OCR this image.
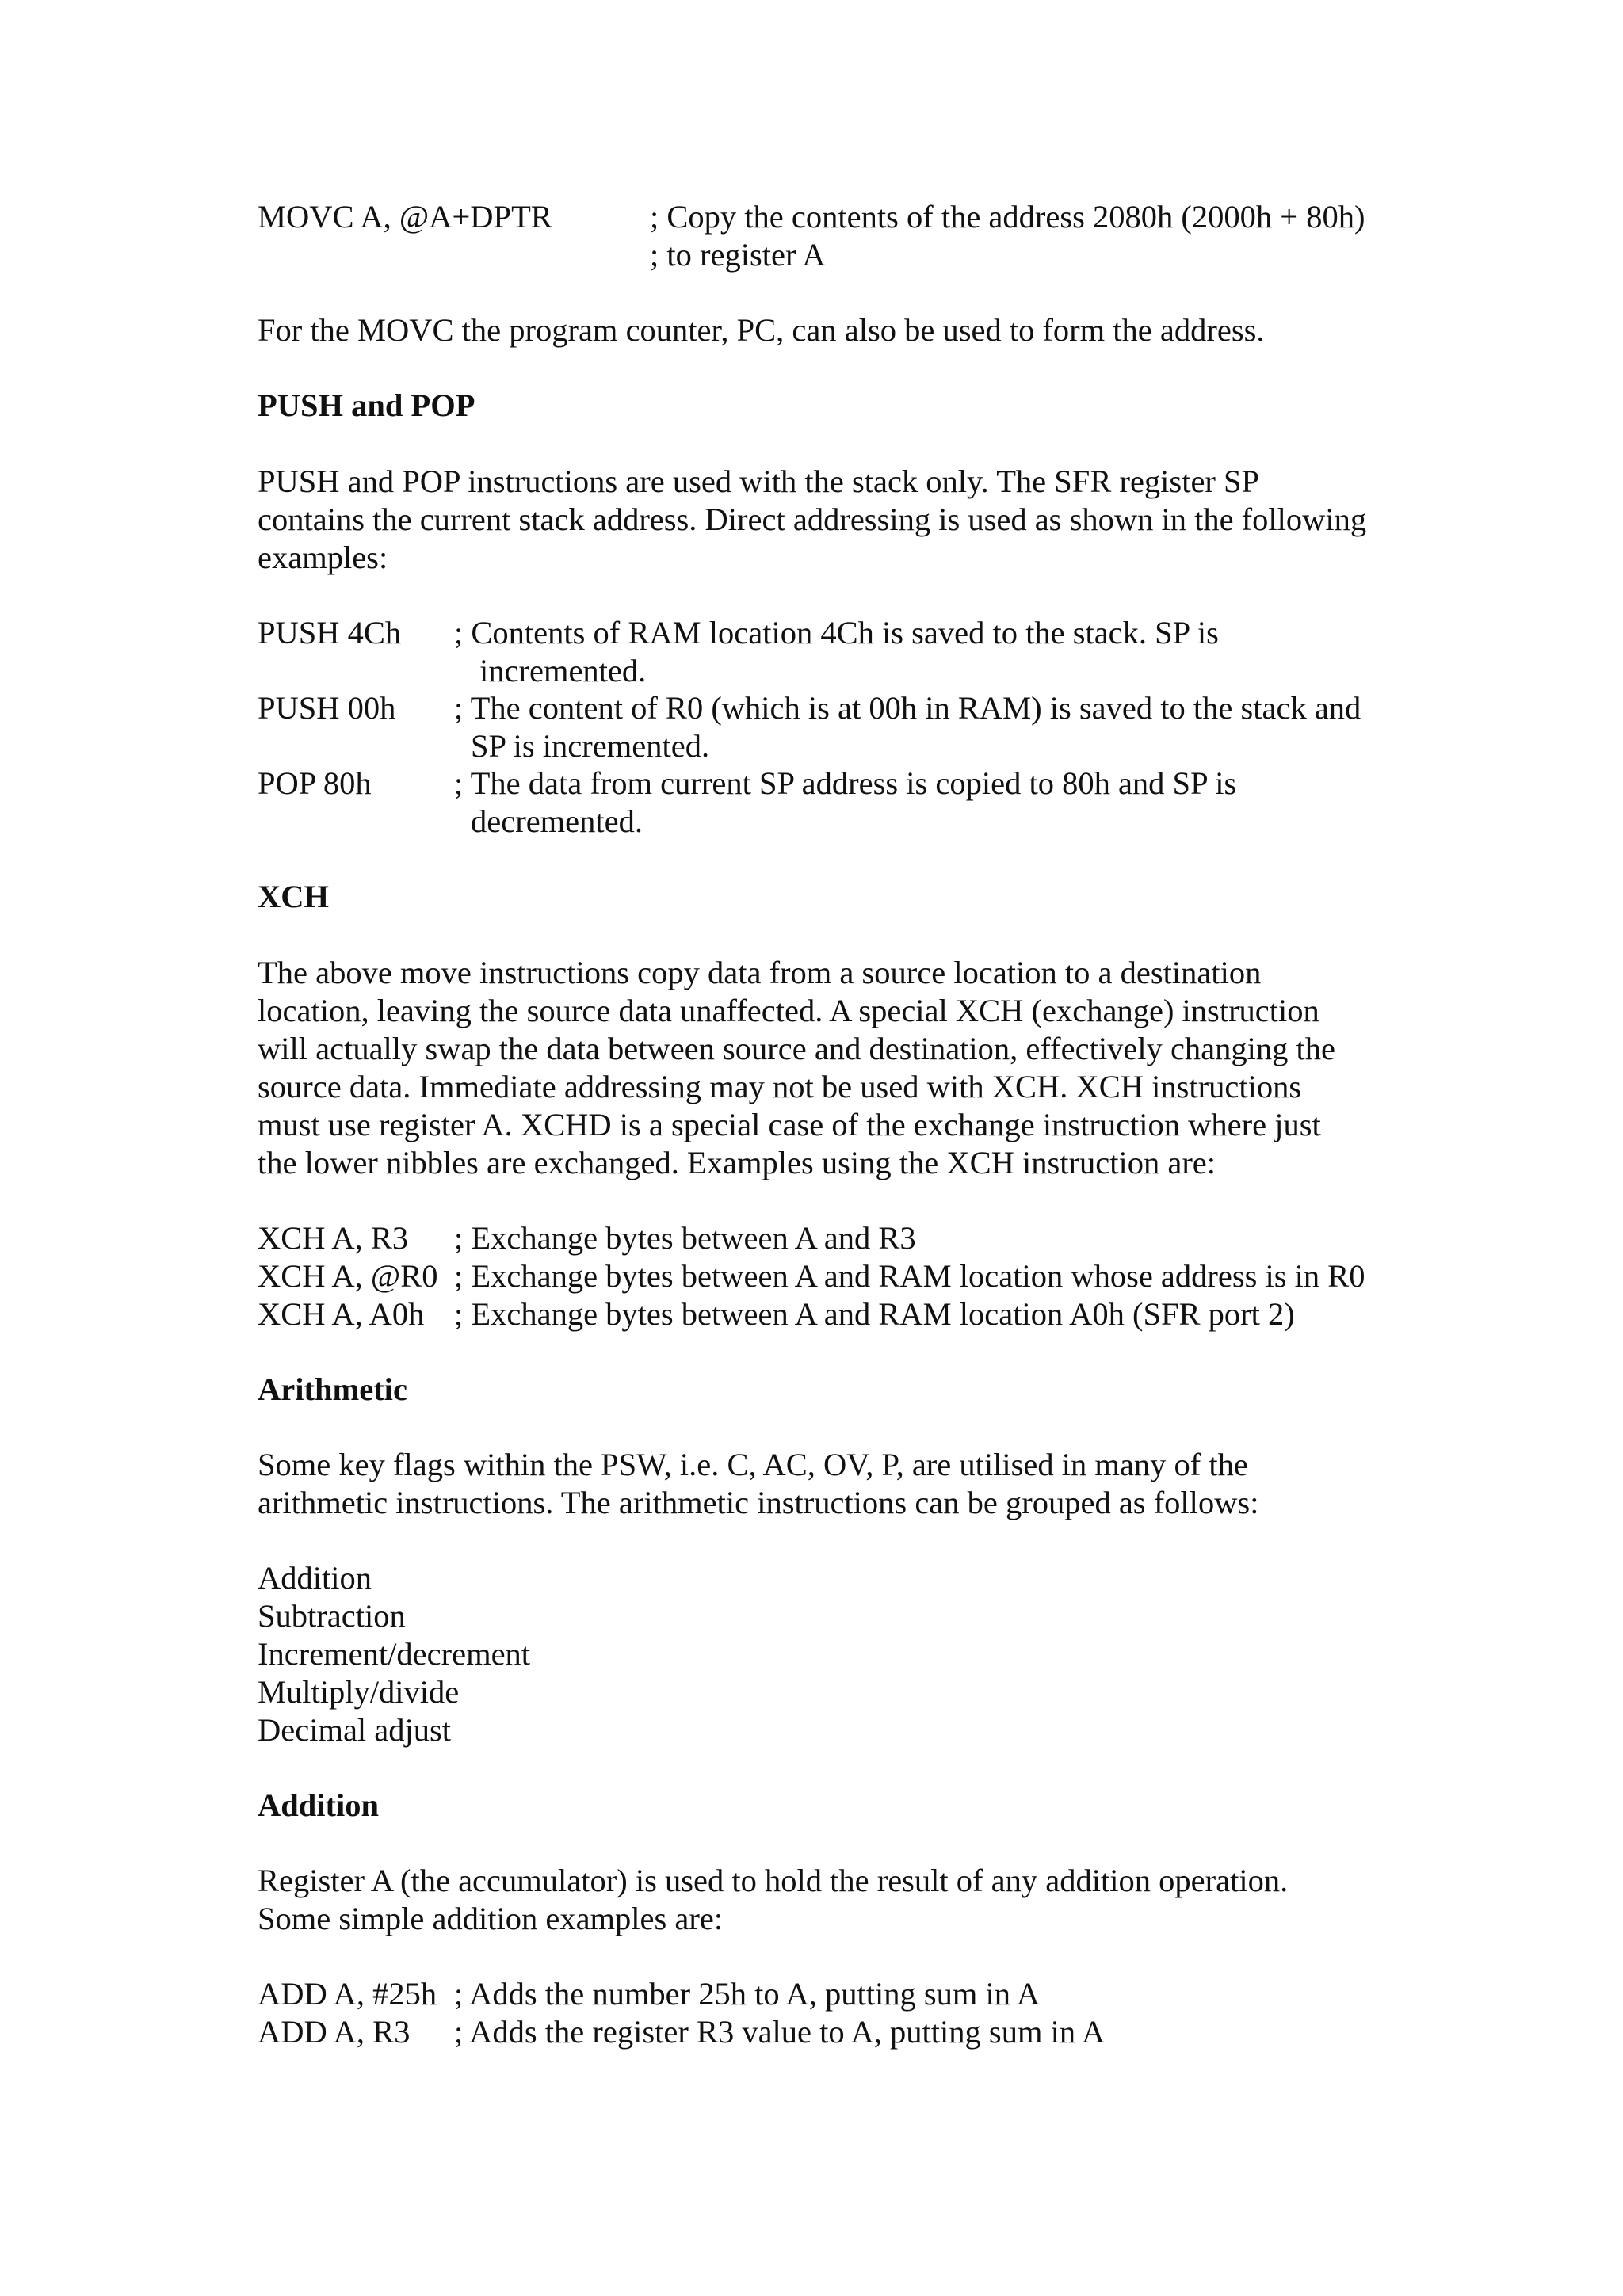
MOVC A, @A+DPTR	; Copy the contents of the address 2080h (2000h + 80h)
; to register A
For the MOVC the program counter, PC, can also be used to form the address.
PUSH and POP
PUSH and POP instructions are used with the stack only. The SFR register SP
contains the current stack address. Direct addressing is used as shown in the following
examples:
PUSH 4Ch ; Contents of RAM location 4Ch is saved to the stack. SP is
incremented.
PUSH 00h ; The content of R0 (which is at 00h in RAM) is saved to the stack and
SP is incremented.
POP 80h	; The data from current SP address is copied to 80h and SP is
decremented.
XCH
The above move instructions copy data from a source location to a destination
location, leaving the source data unaffected. A special XCH (exchange) instruction
will actually swap the data between source and destination, effectively changing the
source data. Immediate addressing may not be used with XCH. XCH instructions
must use register A. XCHD is a special case of the exchange instruction where just
the lower nibbles are exchanged. Examples using the XCH instruction are:
XCH A, R3 ; Exchange bytes between A and R3
XCH A, @R0 ; Exchange bytes between A and RAM location whose address is in R0
XCH A, A0h ; Exchange bytes between A and RAM location A0h (SFR port 2)
Arithmetic
Some key flags within the PSW, i.e. C, AC, OV, P, are utilised in many of the
arithmetic instructions. The arithmetic instructions can be grouped as follows:
Addition
Subtraction
Increment/decrement
Multiply/divide
Decimal adjust
Addition
Register A (the accumulator) is used to hold the result of any addition operation.
Some simple addition examples are:
ADD A, #25h ; Adds the number 25h to A, putting sum in A
ADD A, R3 ; Adds the register R3 value to A, putting sum in A
